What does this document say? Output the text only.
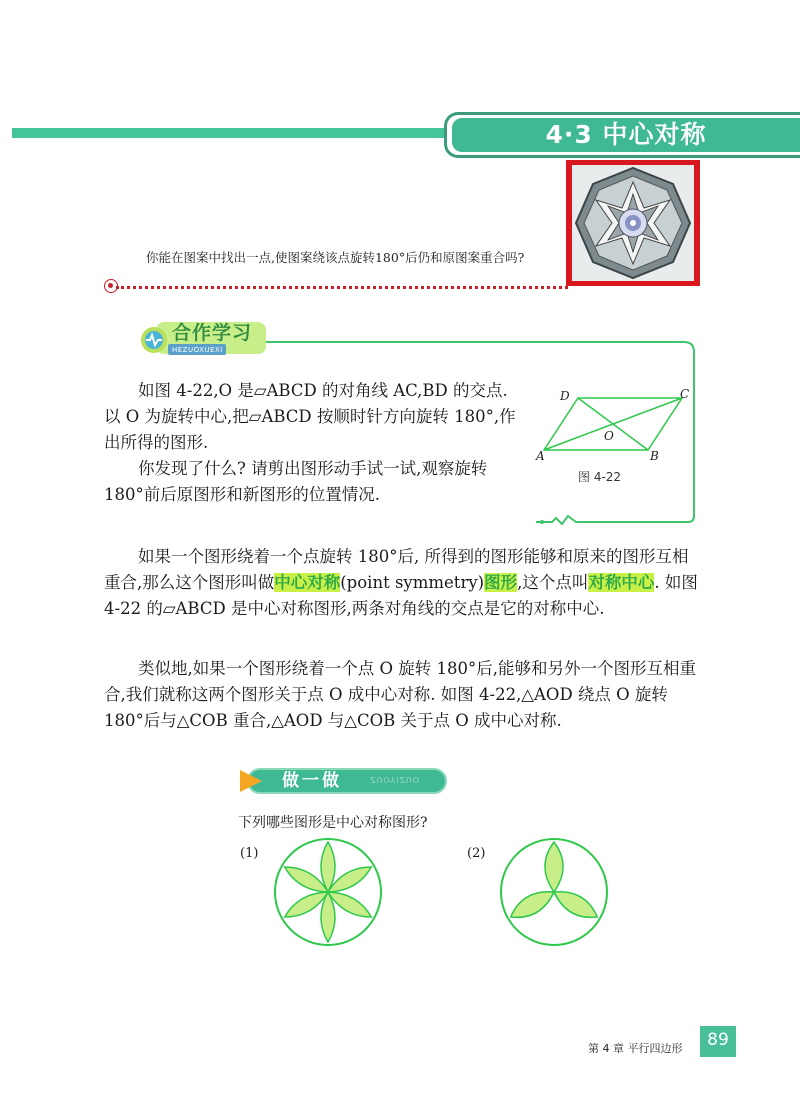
4·3 中心对称
你能在图案中找出一点,使图案绕该点旋转180°后仍和原图案重合吗?
合作学习
HEZUOXUEXI
如图 4-22,O 是▱ABCD 的对角线 AC,BD 的交点. 以 O 为旋转中心,把▱ABCD 按顺时针方向旋转 180°,作出所得的图形.
你发现了什么? 请剪出图形动手试一试,观察旋转 180°前后原图形和新图形的位置情况.
D	C
O
A	B
图 4-22
如果一个图形绕着一个点旋转 180°后, 所得到的图形能够和原来的图形互相重合,那么这个图形叫做中心对称(point symmetry)图形,这个点叫对称中心. 如图 4-22 的▱ABCD 是中心对称图形,两条对角线的交点是它的对称中心.
类似地,如果一个图形绕着一个点 O 旋转 180°后,能够和另外一个图形互相重合,我们就称这两个图形关于点 O 成中心对称. 如图 4-22,△AOD 绕点 O 旋转 180°后与△COB 重合,△AOD 与△COB 关于点 O 成中心对称.
做一做	ZUOYIZUO
下列哪些图形是中心对称图形?
(1)	(2)
第 4 章 平行四边形	89
